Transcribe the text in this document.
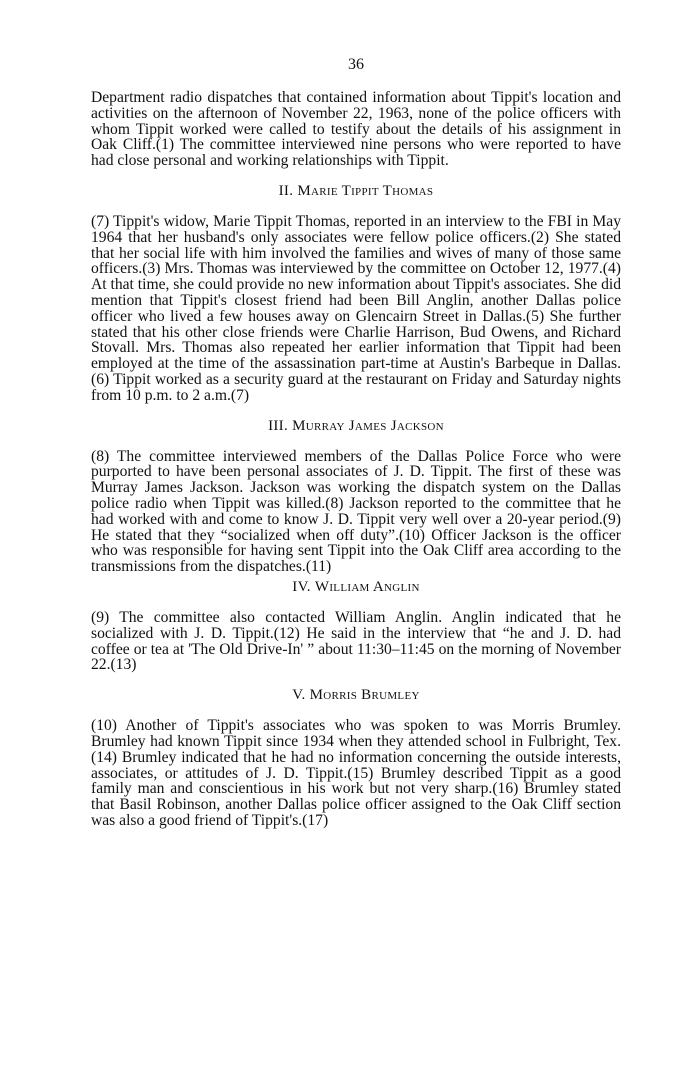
36

Department radio dispatches that contained information about Tippit's location and activities on the afternoon of November 22, 1963, none of the police officers with whom Tippit worked were called to testify about the details of his assignment in Oak Cliff.(1) The committee interviewed nine persons who were reported to have had close personal and working relationships with Tippit.

II. Marie Tippit Thomas

(7) Tippit's widow, Marie Tippit Thomas, reported in an interview to the FBI in May 1964 that her husband's only associates were fellow police officers.(2) She stated that her social life with him involved the families and wives of many of those same officers.(3) Mrs. Thomas was interviewed by the committee on October 12, 1977.(4) At that time, she could provide no new information about Tippit's associates. She did mention that Tippit's closest friend had been Bill Anglin, another Dallas police officer who lived a few houses away on Glencairn Street in Dallas.(5) She further stated that his other close friends were Charlie Harrison, Bud Owens, and Richard Stovall. Mrs. Thomas also repeated her earlier information that Tippit had been employed at the time of the assassination part-time at Austin's Barbeque in Dallas.(6) Tippit worked as a security guard at the restaurant on Friday and Saturday nights from 10 p.m. to 2 a.m.(7)

III. Murray James Jackson

(8) The committee interviewed members of the Dallas Police Force who were purported to have been personal associates of J. D. Tippit. The first of these was Murray James Jackson. Jackson was working the dispatch system on the Dallas police radio when Tippit was killed.(8) Jackson reported to the committee that he had worked with and come to know J. D. Tippit very well over a 20-year period.(9) He stated that they “socialized when off duty”.(10) Officer Jackson is the officer who was responsible for having sent Tippit into the Oak Cliff area according to the transmissions from the dispatches.(11)

IV. William Anglin

(9) The committee also contacted William Anglin. Anglin indicated that he socialized with J. D. Tippit.(12) He said in the interview that “he and J. D. had coffee or tea at 'The Old Drive-In' ” about 11:30–11:45 on the morning of November 22.(13)

V. Morris Brumley

(10) Another of Tippit's associates who was spoken to was Morris Brumley. Brumley had known Tippit since 1934 when they attended school in Fulbright, Tex.(14) Brumley indicated that he had no information concerning the outside interests, associates, or attitudes of J. D. Tippit.(15) Brumley described Tippit as a good family man and conscientious in his work but not very sharp.(16) Brumley stated that Basil Robinson, another Dallas police officer assigned to the Oak Cliff section was also a good friend of Tippit's.(17)
